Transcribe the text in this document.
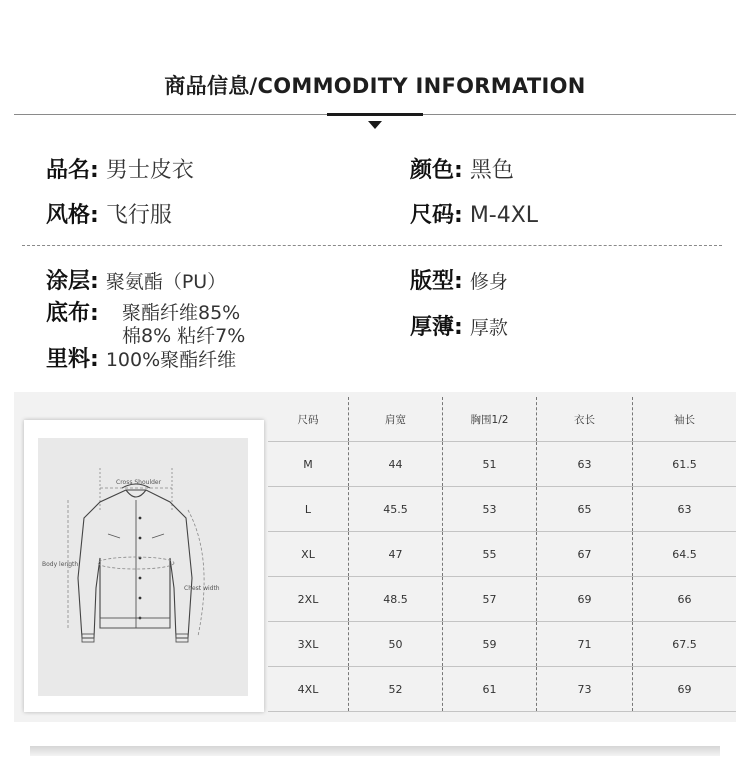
商品信息/COMMODITY INFORMATION
品名: 男士皮衣	颜色: 黑色
风格: 飞行服	尺码: M-4XL
涂层: 聚氨酯（PU）	版型: 修身
底布: 聚酯纤维85%
棉8% 粘纤7%	厚薄: 厚款
里料: 100%聚酯纤维
Cross Shoulder
Body length
Chest width
尺码	肩宽	胸围1/2	衣长	袖长
M	44	51	63	61.5
L	45.5	53	65	63
XL	47	55	67	64.5
2XL	48.5	57	69	66
3XL	50	59	71	67.5
4XL	52	61	73	69
